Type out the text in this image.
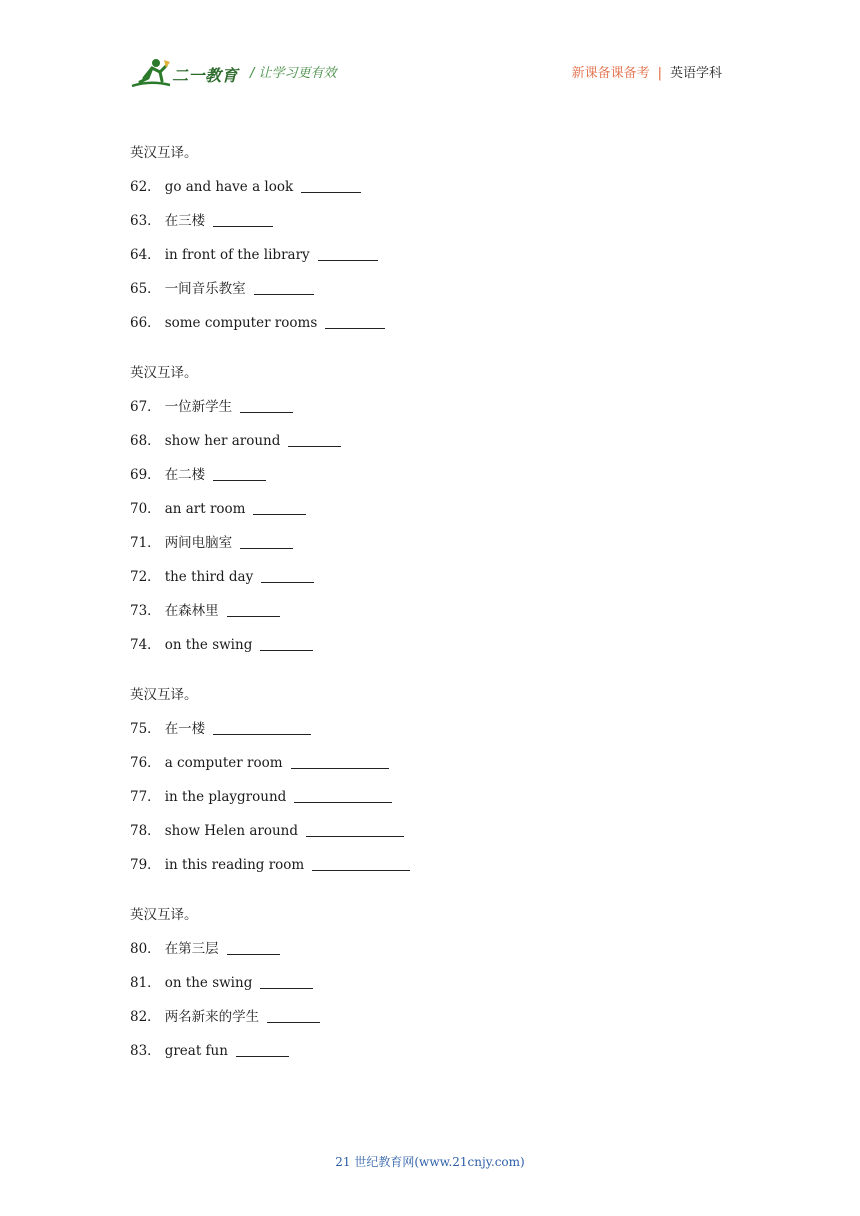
二一教育 / 让学习更有效	新课备课备考 | 英语学科
英汉互译。
62． go and have a look
63． 在三楼
64． in front of the library
65． 一间音乐教室
66． some computer rooms
英汉互译。
67． 一位新学生
68． show her around
69． 在二楼
70． an art room
71． 两间电脑室
72． the third day
73． 在森林里
74． on the swing
英汉互译。
75． 在一楼
76． a computer room
77． in the playground
78． show Helen around
79． in this reading room
英汉互译。
80． 在第三层
81． on the swing
82． 两名新来的学生
83． great fun
21 世纪教育网(www.21cnjy.com)
